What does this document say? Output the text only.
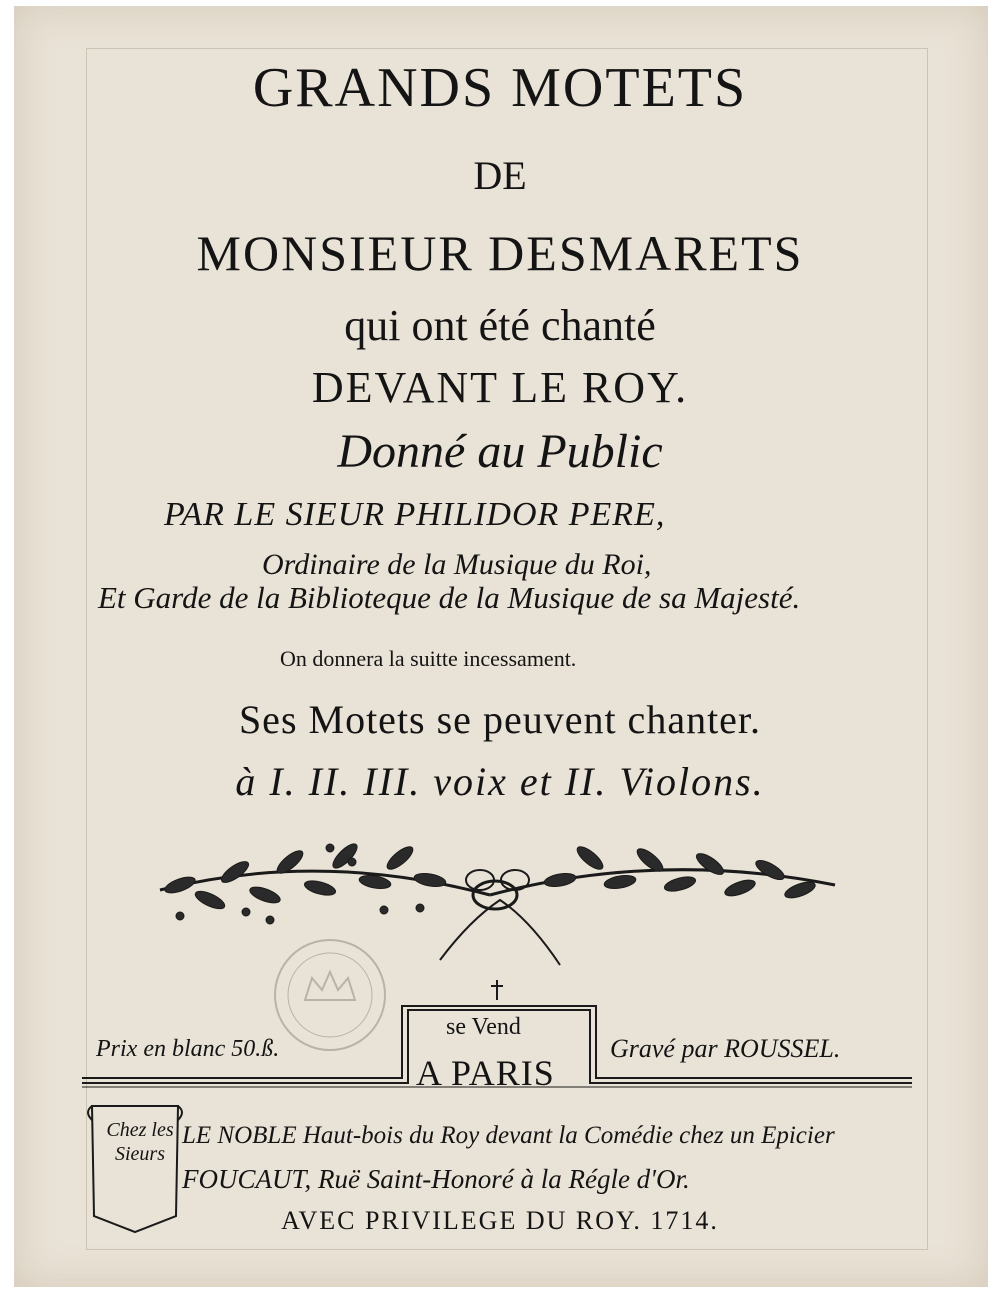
GRANDS MOTETS
DE
MONSIEUR DESMARETS
qui ont été chanté
DEVANT LE ROY.
Donné au Public
PAR LE SIEUR PHILIDOR PERE,
Ordinaire de la Musique du Roi,
Et Garde de la Biblioteque de la Musique de sa Majesté.
On donnera la suitte incessament.
Ses Motets se peuvent chanter.
à I. II. III. voix et II. Violons.
Prix en blanc 50.ß.
se Vend
A PARIS
Gravé par ROUSSEL.
Chez les Sieurs
LE NOBLE Haut-bois du Roy devant la Comédie chez un Epicier
FOUCAUT, Ruë Saint-Honoré à la Régle d'Or.
AVEC PRIVILEGE DU ROY. 1714.
